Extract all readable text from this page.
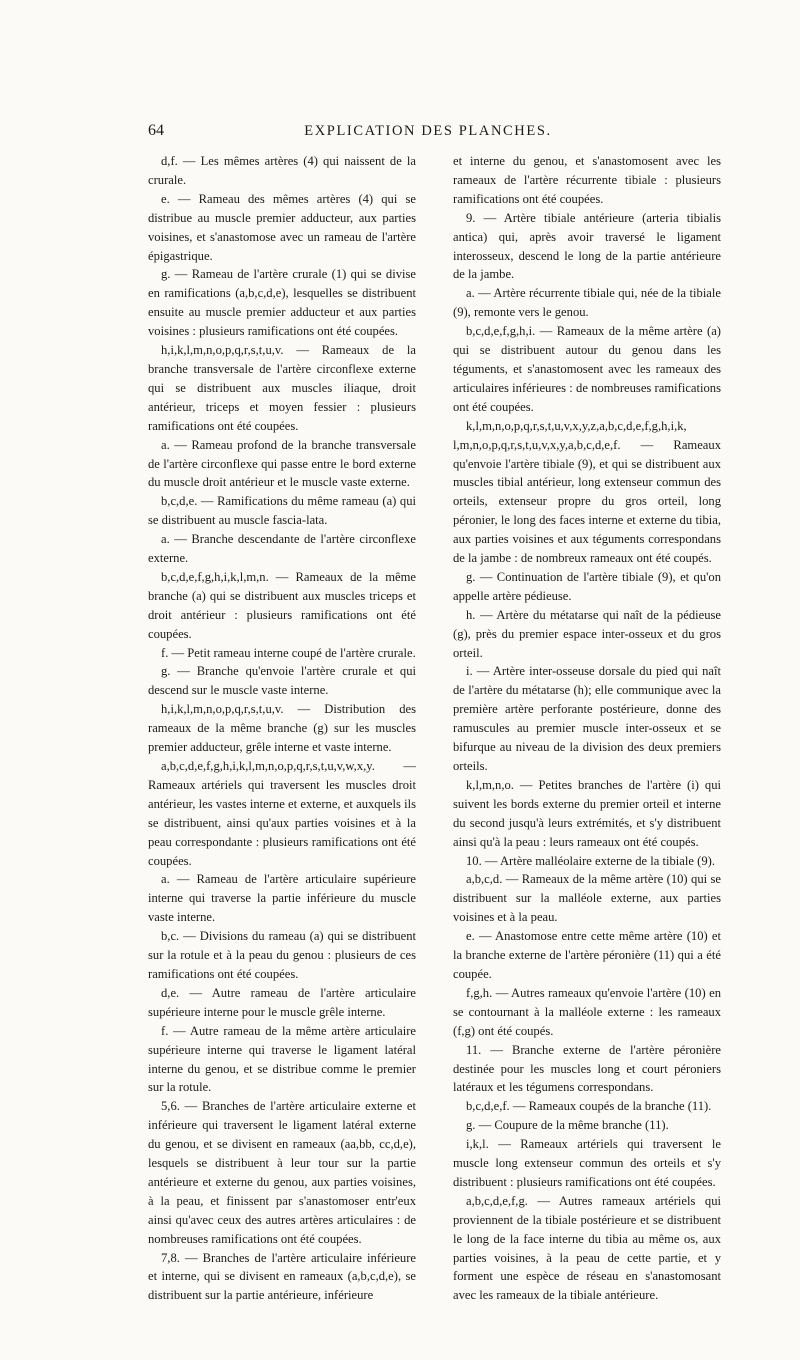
64	EXPLICATION DES PLANCHES.

d,f. — Les mêmes artères (4) qui naissent de la crurale.

e. — Rameau des mêmes artères (4) qui se distribue au muscle premier adducteur, aux parties voisines, et s'anastomose avec un rameau de l'artère épigastrique.

g. — Rameau de l'artère crurale (1) qui se divise en ramifications (a,b,c,d,e), lesquelles se distribuent ensuite au muscle premier adducteur et aux parties voisines : plusieurs ramifications ont été coupées.

h,i,k,l,m,n,o,p,q,r,s,t,u,v. — Rameaux de la branche transversale de l'artère circonflexe externe qui se distribuent aux muscles iliaque, droit antérieur, triceps et moyen fessier : plusieurs ramifications ont été coupées.

a. — Rameau profond de la branche transversale de l'artère circonflexe qui passe entre le bord externe du muscle droit antérieur et le muscle vaste externe.

b,c,d,e. — Ramifications du même rameau (a) qui se distribuent au muscle fascia-lata.

a. — Branche descendante de l'artère circonflexe externe.

b,c,d,e,f,g,h,i,k,l,m,n. — Rameaux de la même branche (a) qui se distribuent aux muscles triceps et droit antérieur : plusieurs ramifications ont été coupées.

f. — Petit rameau interne coupé de l'artère crurale.

g. — Branche qu'envoie l'artère crurale et qui descend sur le muscle vaste interne.

h,i,k,l,m,n,o,p,q,r,s,t,u,v. — Distribution des rameaux de la même branche (g) sur les muscles premier adducteur, grêle interne et vaste interne.

a,b,c,d,e,f,g,h,i,k,l,m,n,o,p,q,r,s,t,u,v,w,x,y. — Rameaux artériels qui traversent les muscles droit antérieur, les vastes interne et externe, et auxquels ils se distribuent, ainsi qu'aux parties voisines et à la peau correspondante : plusieurs ramifications ont été coupées.

a. — Rameau de l'artère articulaire supérieure interne qui traverse la partie inférieure du muscle vaste interne.

b,c. — Divisions du rameau (a) qui se distribuent sur la rotule et à la peau du genou : plusieurs de ces ramifications ont été coupées.

d,e. — Autre rameau de l'artère articulaire supérieure interne pour le muscle grêle interne.

f. — Autre rameau de la même artère articulaire supérieure interne qui traverse le ligament latéral interne du genou, et se distribue comme le premier sur la rotule.

5,6. — Branches de l'artère articulaire externe et inférieure qui traversent le ligament latéral externe du genou, et se divisent en rameaux (aa,bb, cc,d,e), lesquels se distribuent à leur tour sur la partie antérieure et externe du genou, aux parties voisines, à la peau, et finissent par s'anastomoser entr'eux ainsi qu'avec ceux des autres artères articulaires : de nombreuses ramifications ont été coupées.

7,8. — Branches de l'artère articulaire inférieure et interne, qui se divisent en rameaux (a,b,c,d,e), se distribuent sur la partie antérieure, inférieure

et interne du genou, et s'anastomosent avec les rameaux de l'artère récurrente tibiale : plusieurs ramifications ont été coupées.

9. — Artère tibiale antérieure (arteria tibialis antica) qui, après avoir traversé le ligament interosseux, descend le long de la partie antérieure de la jambe.

a. — Artère récurrente tibiale qui, née de la tibiale (9), remonte vers le genou.

b,c,d,e,f,g,h,i. — Rameaux de la même artère (a) qui se distribuent autour du genou dans les téguments, et s'anastomosent avec les rameaux des articulaires inférieures : de nombreuses ramifications ont été coupées.

k,l,m,n,o,p,q,r,s,t,u,v,x,y,z,a,b,c,d,e,f,g,h,i,k, l,m,n,o,p,q,r,s,t,u,v,x,y,a,b,c,d,e,f. — Rameaux qu'envoie l'artère tibiale (9), et qui se distribuent aux muscles tibial antérieur, long extenseur commun des orteils, extenseur propre du gros orteil, long péronier, le long des faces interne et externe du tibia, aux parties voisines et aux téguments correspondans de la jambe : de nombreux rameaux ont été coupés.

g. — Continuation de l'artère tibiale (9), et qu'on appelle artère pédieuse.

h. — Artère du métatarse qui naît de la pédieuse (g), près du premier espace inter-osseux et du gros orteil.

i. — Artère inter-osseuse dorsale du pied qui naît de l'artère du métatarse (h); elle communique avec la première artère perforante postérieure, donne des ramuscules au premier muscle inter-osseux et se bifurque au niveau de la division des deux premiers orteils.

k,l,m,n,o. — Petites branches de l'artère (i) qui suivent les bords externe du premier orteil et interne du second jusqu'à leurs extrémités, et s'y distribuent ainsi qu'à la peau : leurs rameaux ont été coupés.

10. — Artère malléolaire externe de la tibiale (9).

a,b,c,d. — Rameaux de la même artère (10) qui se distribuent sur la malléole externe, aux parties voisines et à la peau.

e. — Anastomose entre cette même artère (10) et la branche externe de l'artère péronière (11) qui a été coupée.

f,g,h. — Autres rameaux qu'envoie l'artère (10) en se contournant à la malléole externe : les rameaux (f,g) ont été coupés.

11. — Branche externe de l'artère péronière destinée pour les muscles long et court péroniers latéraux et les tégumens correspondans.

b,c,d,e,f. — Rameaux coupés de la branche (11).

g. — Coupure de la même branche (11).

i,k,l. — Rameaux artériels qui traversent le muscle long extenseur commun des orteils et s'y distribuent : plusieurs ramifications ont été coupées.

a,b,c,d,e,f,g. — Autres rameaux artériels qui proviennent de la tibiale postérieure et se distribuent le long de la face interne du tibia au même os, aux parties voisines, à la peau de cette partie, et y forment une espèce de réseau en s'anastomosant avec les rameaux de la tibiale antérieure.
